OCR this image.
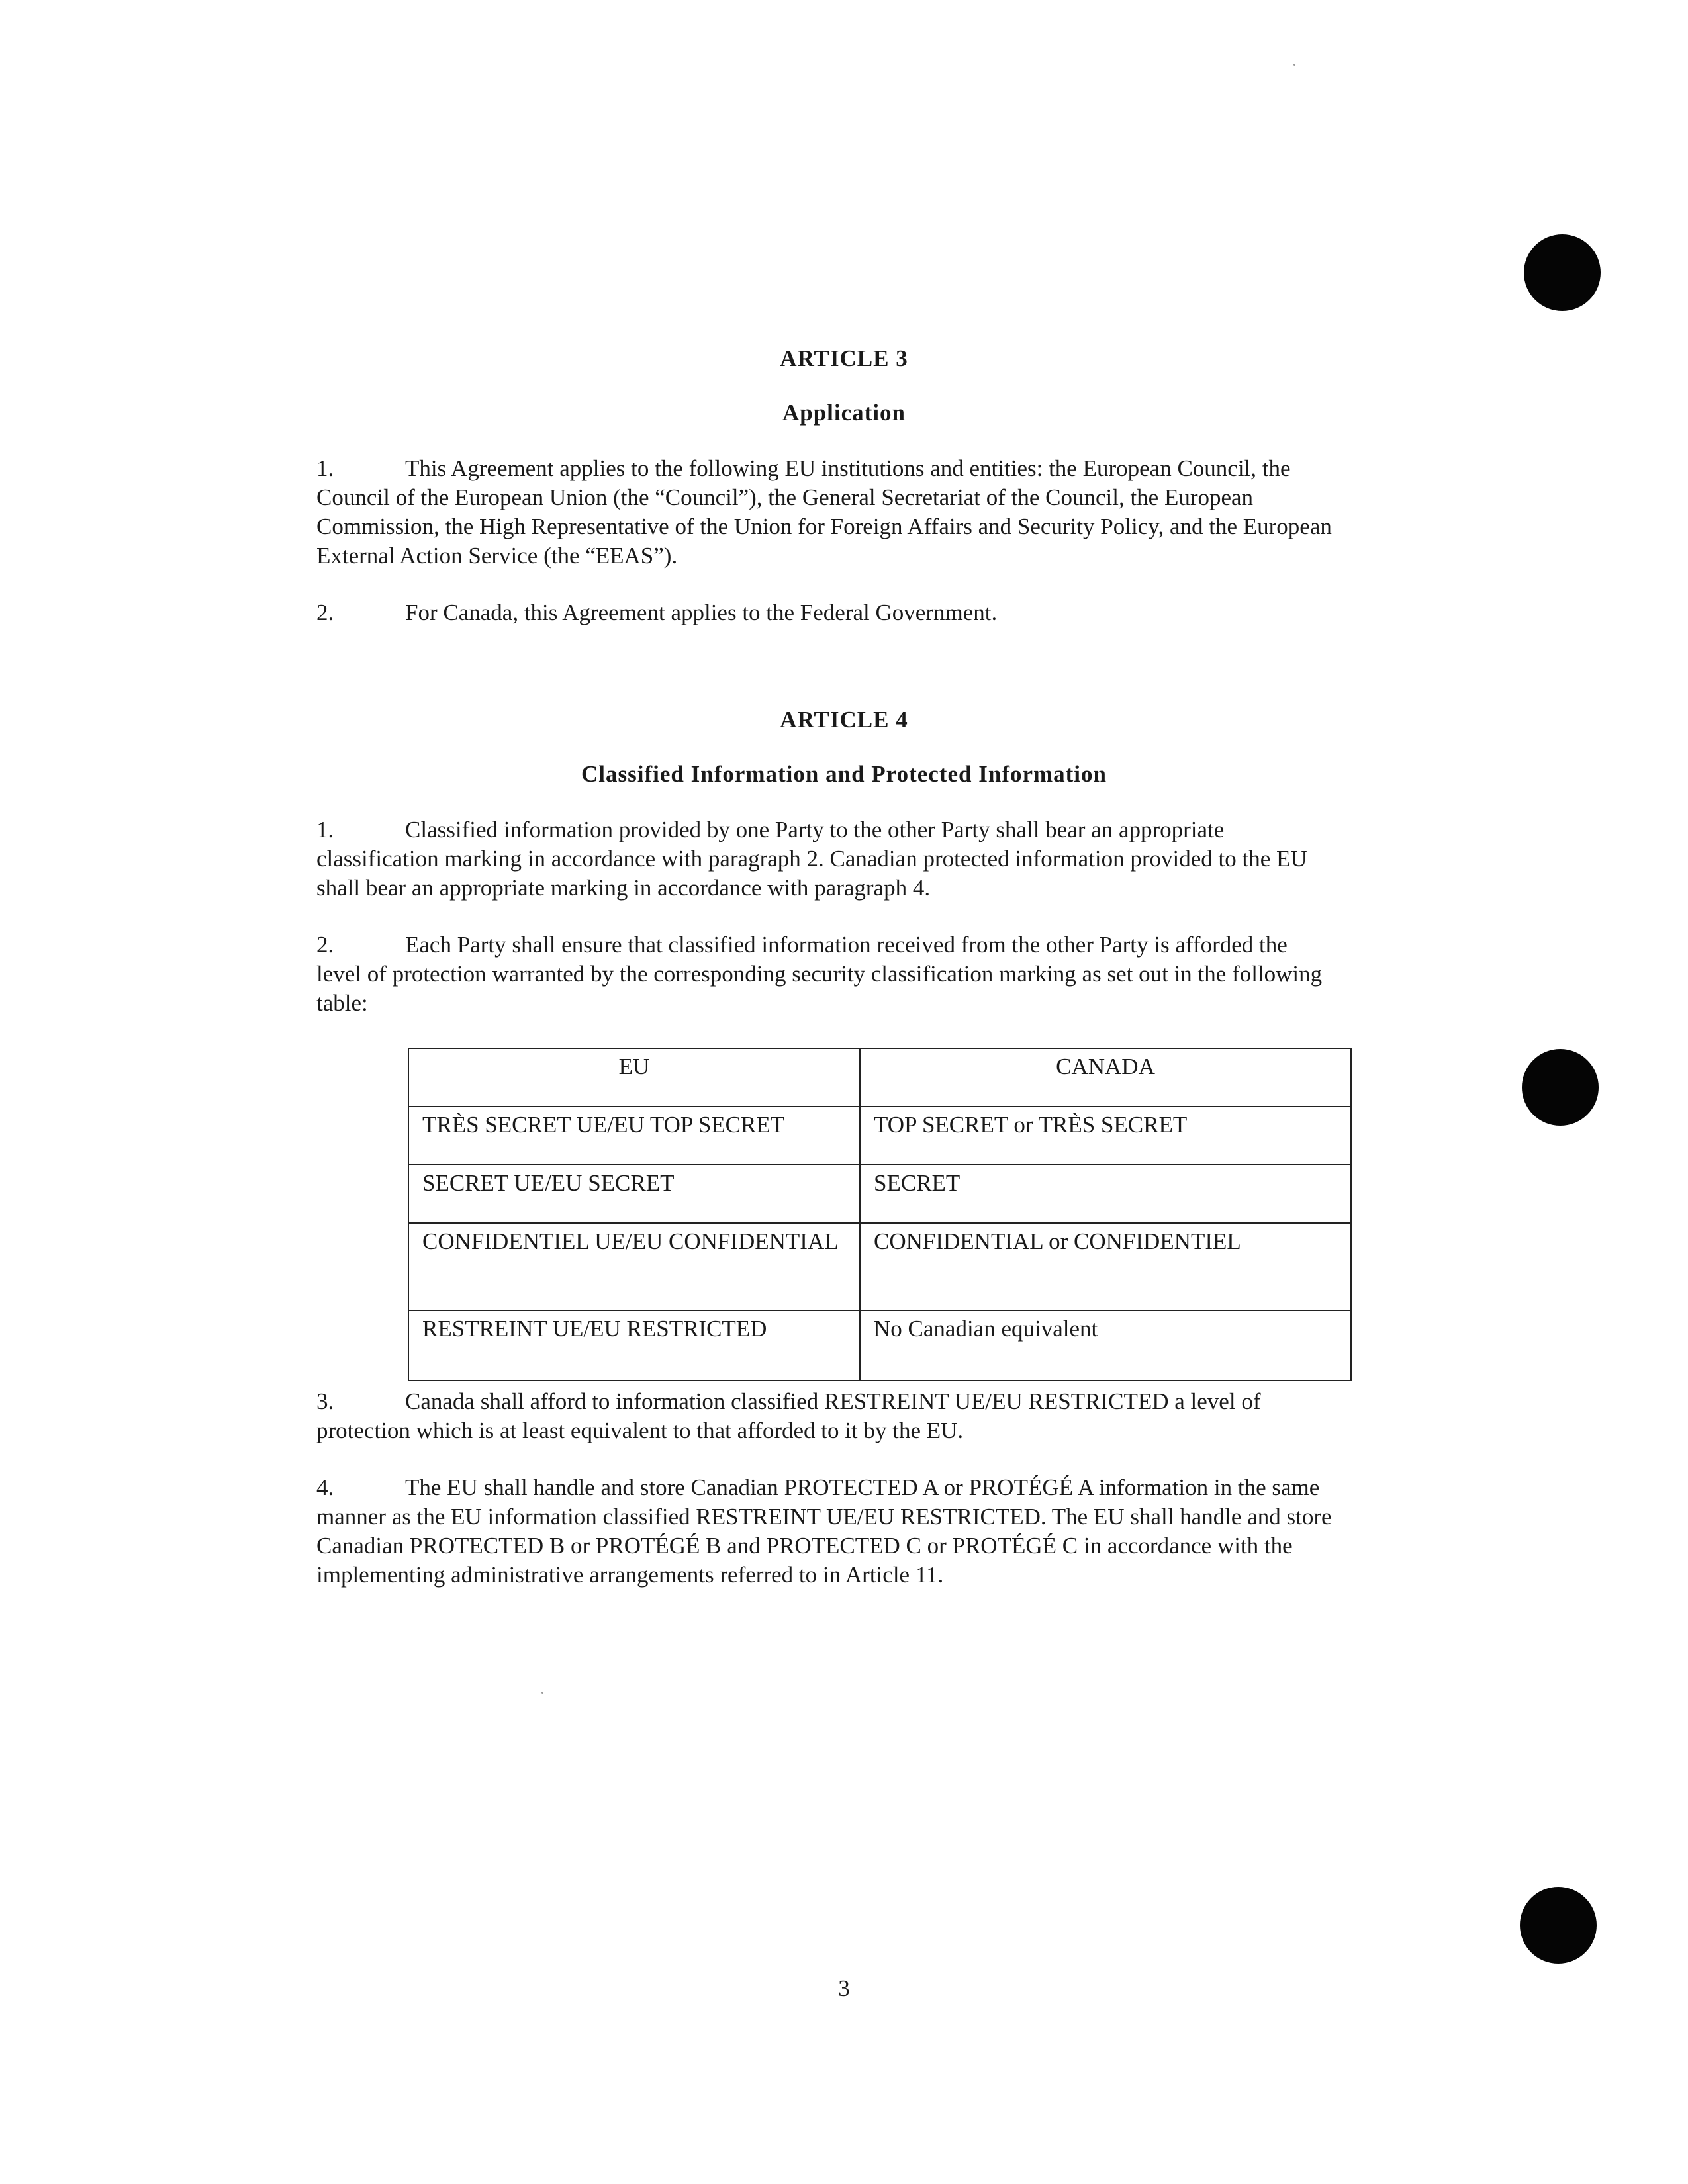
ARTICLE 3
Application

1.	This Agreement applies to the following EU institutions and entities: the European Council, the Council of the European Union (the “Council”), the General Secretariat of the Council, the European Commission, the High Representative of the Union for Foreign Affairs and Security Policy, and the European External Action Service (the “EEAS”).

2.	For Canada, this Agreement applies to the Federal Government.

ARTICLE 4
Classified Information and Protected Information

1.	Classified information provided by one Party to the other Party shall bear an appropriate classification marking in accordance with paragraph 2. Canadian protected information provided to the EU shall bear an appropriate marking in accordance with paragraph 4.

2.	Each Party shall ensure that classified information received from the other Party is afforded the level of protection warranted by the corresponding security classification marking as set out in the following table:

EU	CANADA
TRÈS SECRET UE/EU TOP SECRET	TOP SECRET or TRÈS SECRET
SECRET UE/EU SECRET	SECRET
CONFIDENTIEL UE/EU CONFIDENTIAL	CONFIDENTIAL or CONFIDENTIEL
RESTREINT UE/EU RESTRICTED	No Canadian equivalent

3.	Canada shall afford to information classified RESTREINT UE/EU RESTRICTED a level of protection which is at least equivalent to that afforded to it by the EU.

4.	The EU shall handle and store Canadian PROTECTED A or PROTÉGÉ A information in the same manner as the EU information classified RESTREINT UE/EU RESTRICTED. The EU shall handle and store Canadian PROTECTED B or PROTÉGÉ B and PROTECTED C or PROTÉGÉ C in accordance with the implementing administrative arrangements referred to in Article 11.

3
